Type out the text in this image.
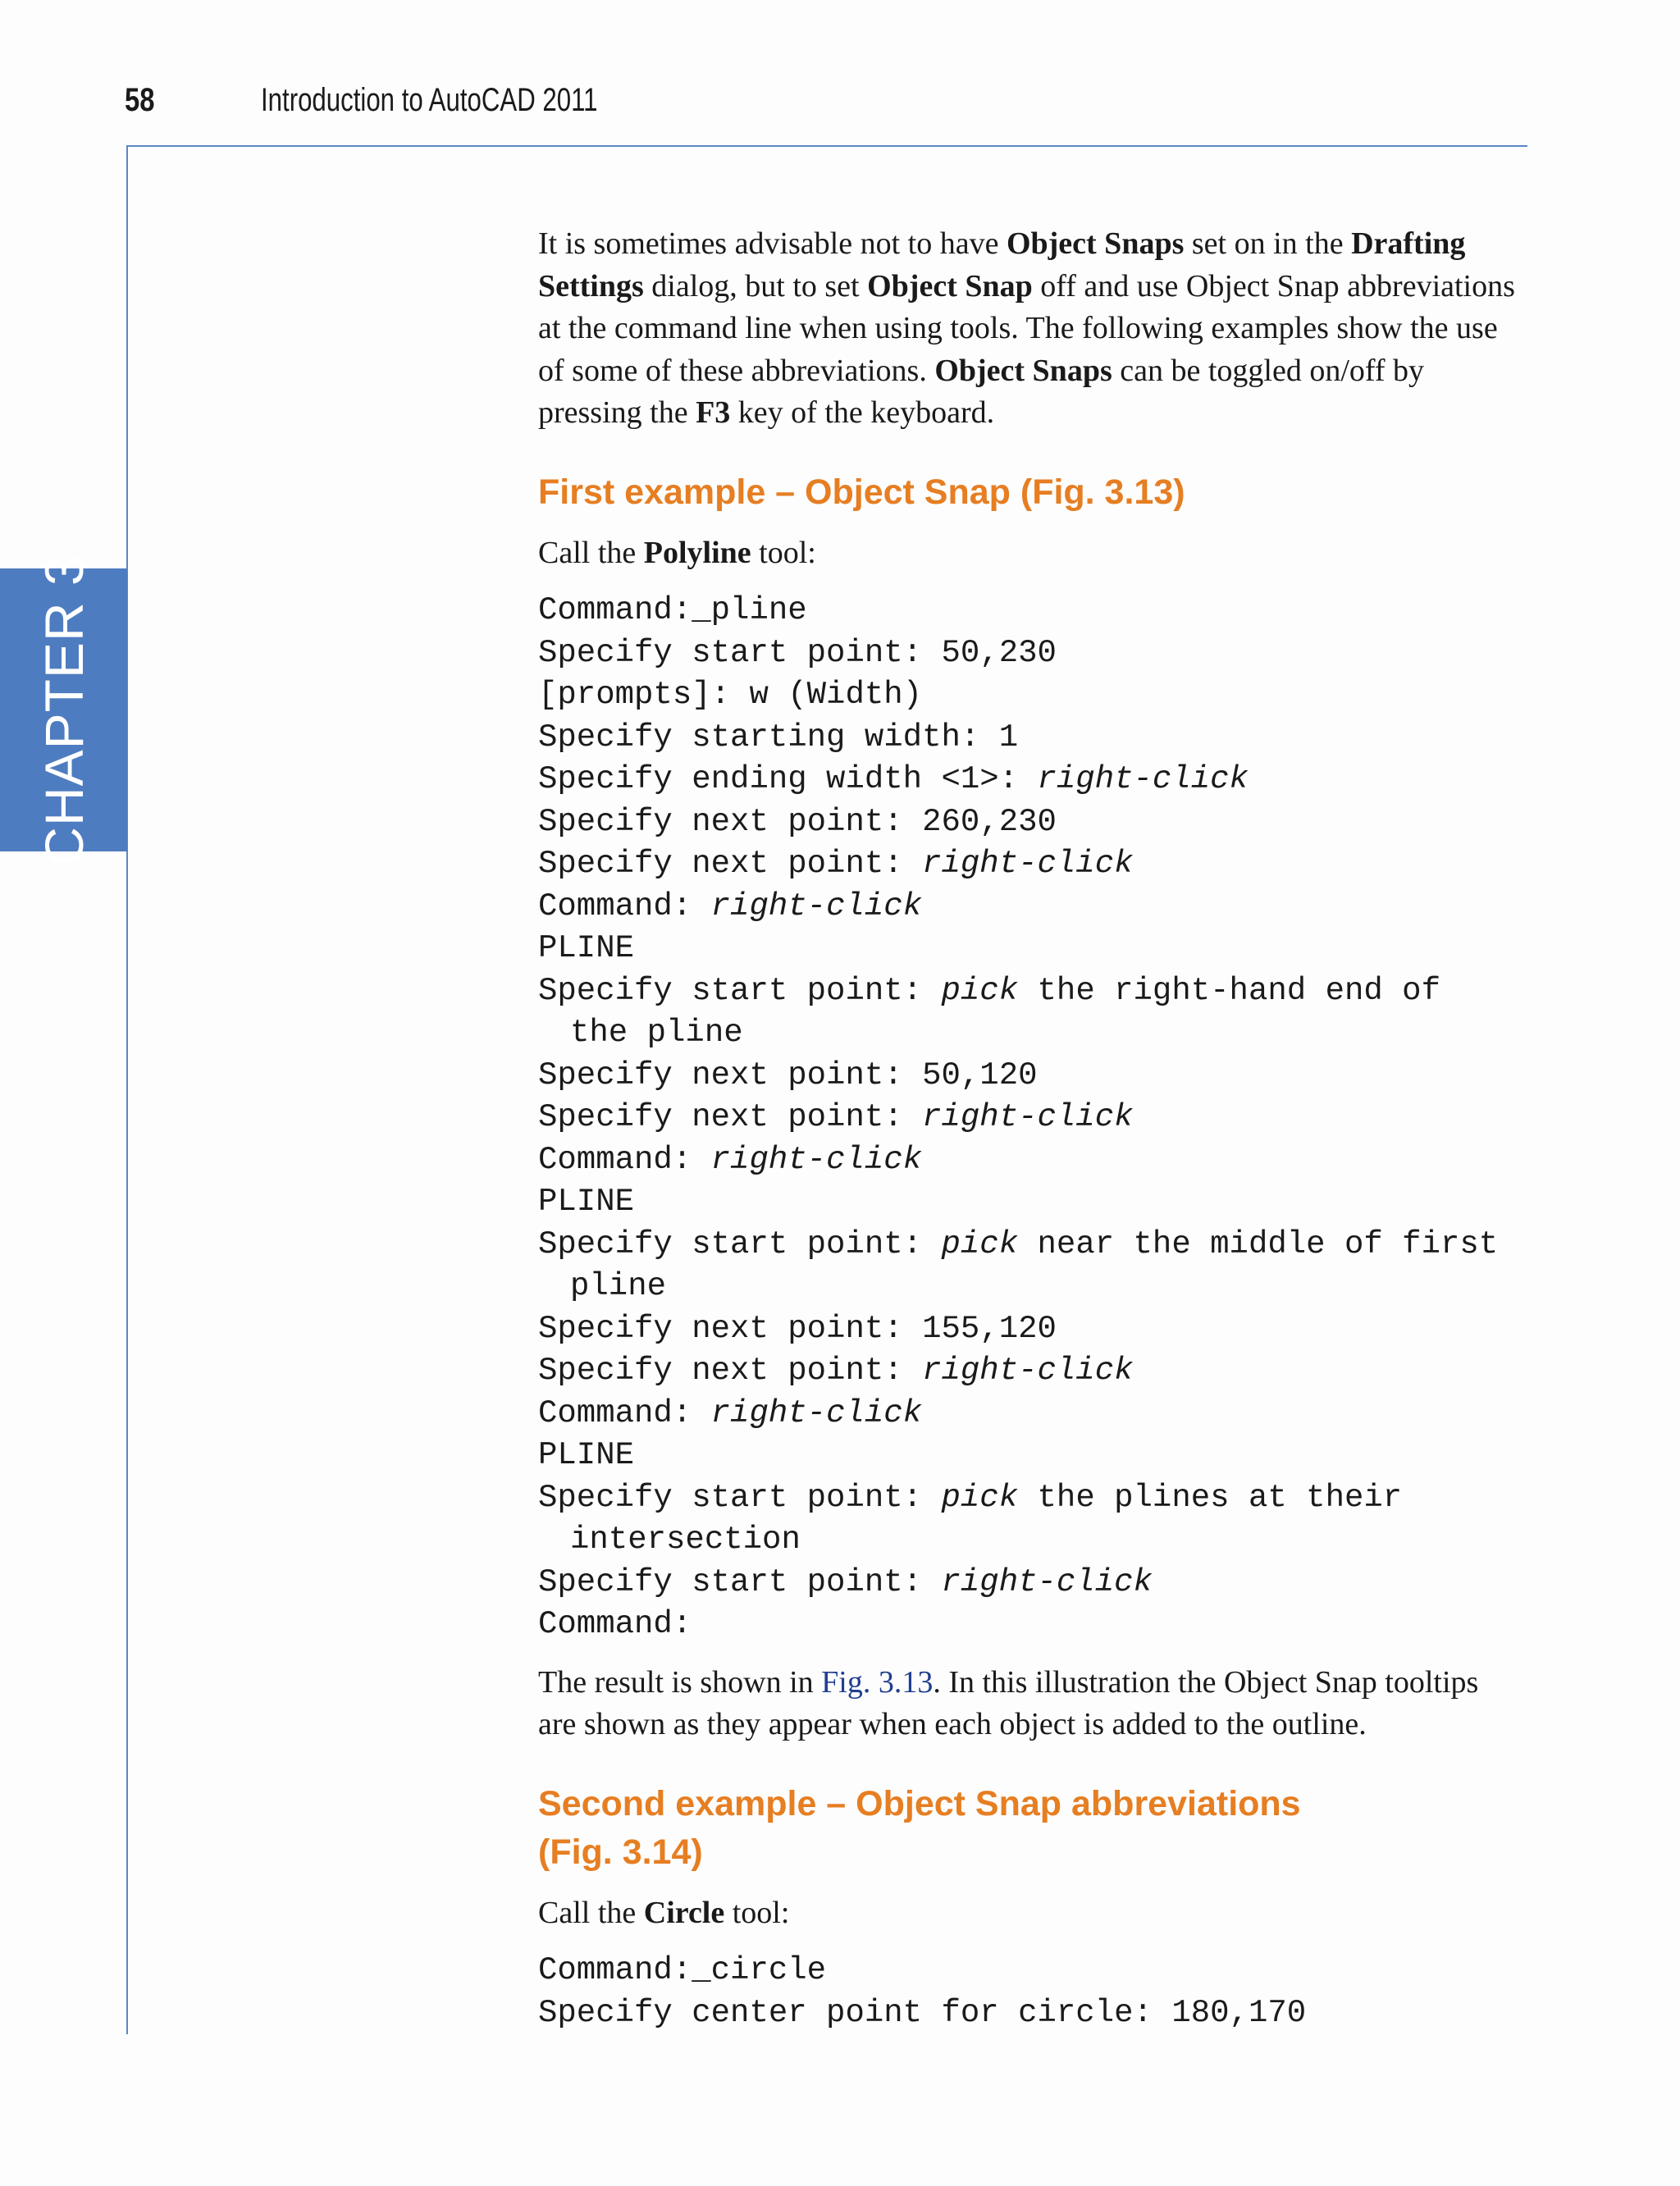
58	Introduction to AutoCAD 2011
CHAPTER 3

It is sometimes advisable not to have Object Snaps set on in the Drafting Settings dialog, but to set Object Snap off and use Object Snap abbreviations at the command line when using tools. The following examples show the use of some of these abbreviations. Object Snaps can be toggled on/off by pressing the F3 key of the keyboard.

First example – Object Snap (Fig. 3.13)

Call the Polyline tool:

Command:_pline
Specify start point: 50,230
[prompts]: w (Width)
Specify starting width: 1
Specify ending width <1>: right-click
Specify next point: 260,230
Specify next point: right-click
Command: right-click
PLINE
Specify start point: pick the right-hand end of
the pline
Specify next point: 50,120
Specify next point: right-click
Command: right-click
PLINE
Specify start point: pick near the middle of first
pline
Specify next point: 155,120
Specify next point: right-click
Command: right-click
PLINE
Specify start point: pick the plines at their
intersection
Specify start point: right-click
Command:

The result is shown in Fig. 3.13. In this illustration the Object Snap tooltips are shown as they appear when each object is added to the outline.

Second example – Object Snap abbreviations
(Fig. 3.14)

Call the Circle tool:

Command:_circle
Specify center point for circle: 180,170
